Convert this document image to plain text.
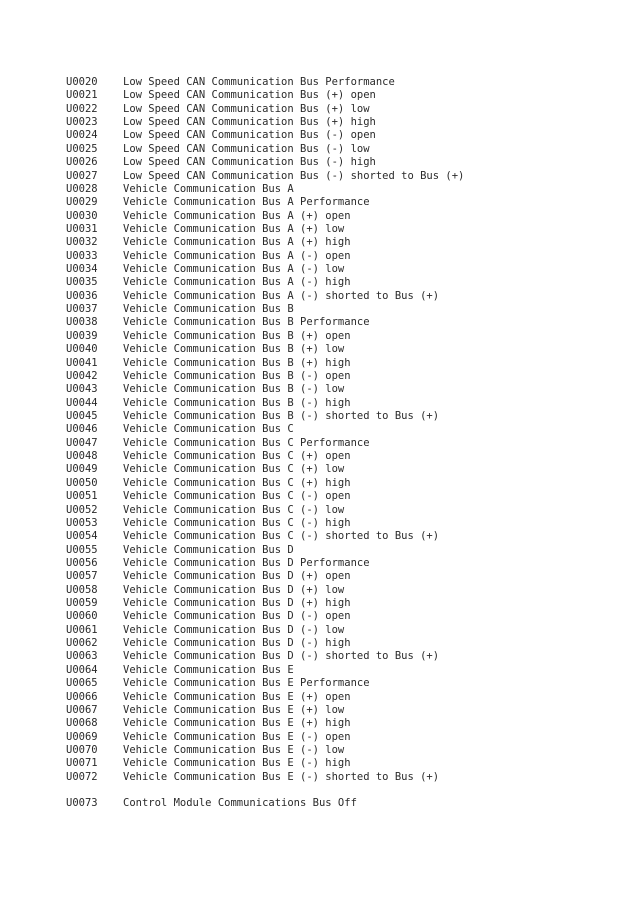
U0020 Low Speed CAN Communication Bus Performance
U0021 Low Speed CAN Communication Bus (+) open
U0022 Low Speed CAN Communication Bus (+) low
U0023 Low Speed CAN Communication Bus (+) high
U0024 Low Speed CAN Communication Bus (-) open
U0025 Low Speed CAN Communication Bus (-) low
U0026 Low Speed CAN Communication Bus (-) high
U0027 Low Speed CAN Communication Bus (-) shorted to Bus (+)
U0028 Vehicle Communication Bus A
U0029 Vehicle Communication Bus A Performance
U0030 Vehicle Communication Bus A (+) open
U0031 Vehicle Communication Bus A (+) low
U0032 Vehicle Communication Bus A (+) high
U0033 Vehicle Communication Bus A (-) open
U0034 Vehicle Communication Bus A (-) low
U0035 Vehicle Communication Bus A (-) high
U0036 Vehicle Communication Bus A (-) shorted to Bus (+)
U0037 Vehicle Communication Bus B
U0038 Vehicle Communication Bus B Performance
U0039 Vehicle Communication Bus B (+) open
U0040 Vehicle Communication Bus B (+) low
U0041 Vehicle Communication Bus B (+) high
U0042 Vehicle Communication Bus B (-) open
U0043 Vehicle Communication Bus B (-) low
U0044 Vehicle Communication Bus B (-) high
U0045 Vehicle Communication Bus B (-) shorted to Bus (+)
U0046 Vehicle Communication Bus C
U0047 Vehicle Communication Bus C Performance
U0048 Vehicle Communication Bus C (+) open
U0049 Vehicle Communication Bus C (+) low
U0050 Vehicle Communication Bus C (+) high
U0051 Vehicle Communication Bus C (-) open
U0052 Vehicle Communication Bus C (-) low
U0053 Vehicle Communication Bus C (-) high
U0054 Vehicle Communication Bus C (-) shorted to Bus (+)
U0055 Vehicle Communication Bus D
U0056 Vehicle Communication Bus D Performance
U0057 Vehicle Communication Bus D (+) open
U0058 Vehicle Communication Bus D (+) low
U0059 Vehicle Communication Bus D (+) high
U0060 Vehicle Communication Bus D (-) open
U0061 Vehicle Communication Bus D (-) low
U0062 Vehicle Communication Bus D (-) high
U0063 Vehicle Communication Bus D (-) shorted to Bus (+)
U0064 Vehicle Communication Bus E
U0065 Vehicle Communication Bus E Performance
U0066 Vehicle Communication Bus E (+) open
U0067 Vehicle Communication Bus E (+) low
U0068 Vehicle Communication Bus E (+) high
U0069 Vehicle Communication Bus E (-) open
U0070 Vehicle Communication Bus E (-) low
U0071 Vehicle Communication Bus E (-) high
U0072 Vehicle Communication Bus E (-) shorted to Bus (+)
U0073 Control Module Communications Bus Off
